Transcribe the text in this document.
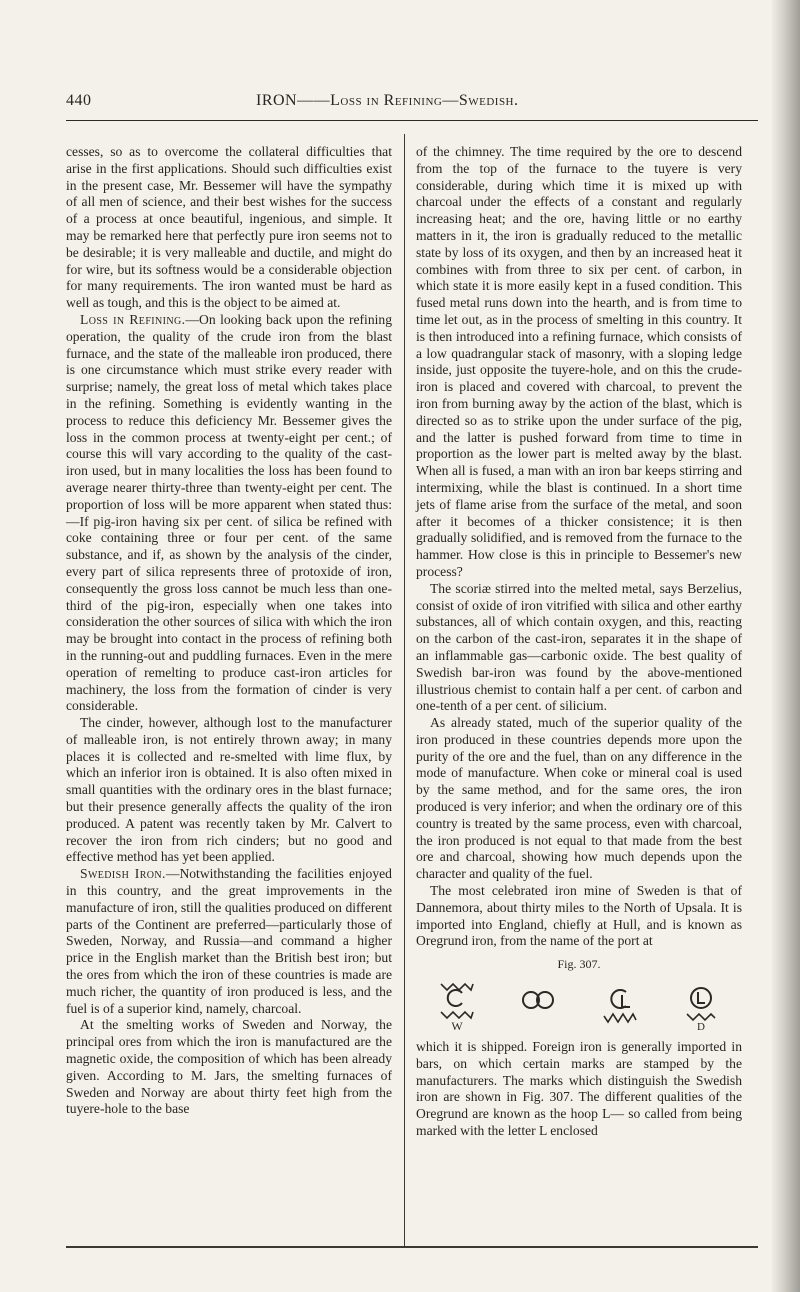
440	IRON——Loss in Refining—Swedish.

cesses, so as to overcome the collateral difficulties that arise in the first applications. Should such difficulties exist in the present case, Mr. Bessemer will have the sympathy of all men of science, and their best wishes for the success of a process at once beautiful, ingenious, and simple. It may be remarked here that perfectly pure iron seems not to be desirable; it is very malleable and ductile, and might do for wire, but its softness would be a considerable objection for many requirements. The iron wanted must be hard as well as tough, and this is the object to be aimed at.

Loss in Refining.—On looking back upon the refining operation, the quality of the crude iron from the blast furnace, and the state of the malleable iron produced, there is one circumstance which must strike every reader with surprise; namely, the great loss of metal which takes place in the refining. Something is evidently wanting in the process to reduce this deficiency Mr. Bessemer gives the loss in the common process at twenty-eight per cent.; of course this will vary according to the quality of the cast-iron used, but in many localities the loss has been found to average nearer thirty-three than twenty-eight per cent. The proportion of loss will be more apparent when stated thus:—If pig-iron having six per cent. of silica be refined with coke containing three or four per cent. of the same substance, and if, as shown by the analysis of the cinder, every part of silica represents three of protoxide of iron, consequently the gross loss cannot be much less than one-third of the pig-iron, especially when one takes into consideration the other sources of silica with which the iron may be brought into contact in the process of refining both in the running-out and puddling furnaces. Even in the mere operation of remelting to produce cast-iron articles for machinery, the loss from the formation of cinder is very considerable.

The cinder, however, although lost to the manufacturer of malleable iron, is not entirely thrown away; in many places it is collected and re-smelted with lime flux, by which an inferior iron is obtained. It is also often mixed in small quantities with the ordinary ores in the blast furnace; but their presence generally affects the quality of the iron produced. A patent was recently taken by Mr. Calvert to recover the iron from rich cinders; but no good and effective method has yet been applied.

Swedish Iron.—Notwithstanding the facilities enjoyed in this country, and the great improvements in the manufacture of iron, still the qualities produced on different parts of the Continent are preferred—particularly those of Sweden, Norway, and Russia—and command a higher price in the English market than the British best iron; but the ores from which the iron of these countries is made are much richer, the quantity of iron produced is less, and the fuel is of a superior kind, namely, charcoal.

At the smelting works of Sweden and Norway, the principal ores from which the iron is manufactured are the magnetic oxide, the composition of which has been already given. According to M. Jars, the smelting furnaces of Sweden and Norway are about thirty feet high from the tuyere-hole to the base

of the chimney. The time required by the ore to descend from the top of the furnace to the tuyere is very considerable, during which time it is mixed up with charcoal under the effects of a constant and regularly increasing heat; and the ore, having little or no earthy matters in it, the iron is gradually reduced to the metallic state by loss of its oxygen, and then by an increased heat it combines with from three to six per cent. of carbon, in which state it is more easily kept in a fused condition. This fused metal runs down into the hearth, and is from time to time let out, as in the process of smelting in this country. It is then introduced into a refining furnace, which consists of a low quadrangular stack of masonry, with a sloping ledge inside, just opposite the tuyere-hole, and on this the crude-iron is placed and covered with charcoal, to prevent the iron from burning away by the action of the blast, which is directed so as to strike upon the under surface of the pig, and the latter is pushed forward from time to time in proportion as the lower part is melted away by the blast. When all is fused, a man with an iron bar keeps stirring and intermixing, while the blast is continued. In a short time jets of flame arise from the surface of the metal, and soon after it becomes of a thicker consistence; it is then gradually solidified, and is removed from the furnace to the hammer. How close is this in principle to Bessemer's new process?

The scoriæ stirred into the melted metal, says Berzelius, consist of oxide of iron vitrified with silica and other earthy substances, all of which contain oxygen, and this, reacting on the carbon of the cast-iron, separates it in the shape of an inflammable gas—carbonic oxide. The best quality of Swedish bar-iron was found by the above-mentioned illustrious chemist to contain half a per cent. of carbon and one-tenth of a per cent. of silicium.

As already stated, much of the superior quality of the iron produced in these countries depends more upon the purity of the ore and the fuel, than on any difference in the mode of manufacture. When coke or mineral coal is used by the same method, and for the same ores, the iron produced is very inferior; and when the ordinary ore of this country is treated by the same process, even with charcoal, the iron produced is not equal to that made from the best ore and charcoal, showing how much depends upon the character and quality of the fuel.

The most celebrated iron mine of Sweden is that of Dannemora, about thirty miles to the North of Upsala. It is imported into England, chiefly at Hull, and is known as Oregrund iron, from the name of the port at

Fig. 307.
W	D

which it is shipped. Foreign iron is generally imported in bars, on which certain marks are stamped by the manufacturers. The marks which distinguish the Swedish iron are shown in Fig. 307. The different qualities of the Oregrund are known as the hoop L— so called from being marked with the letter L enclosed
